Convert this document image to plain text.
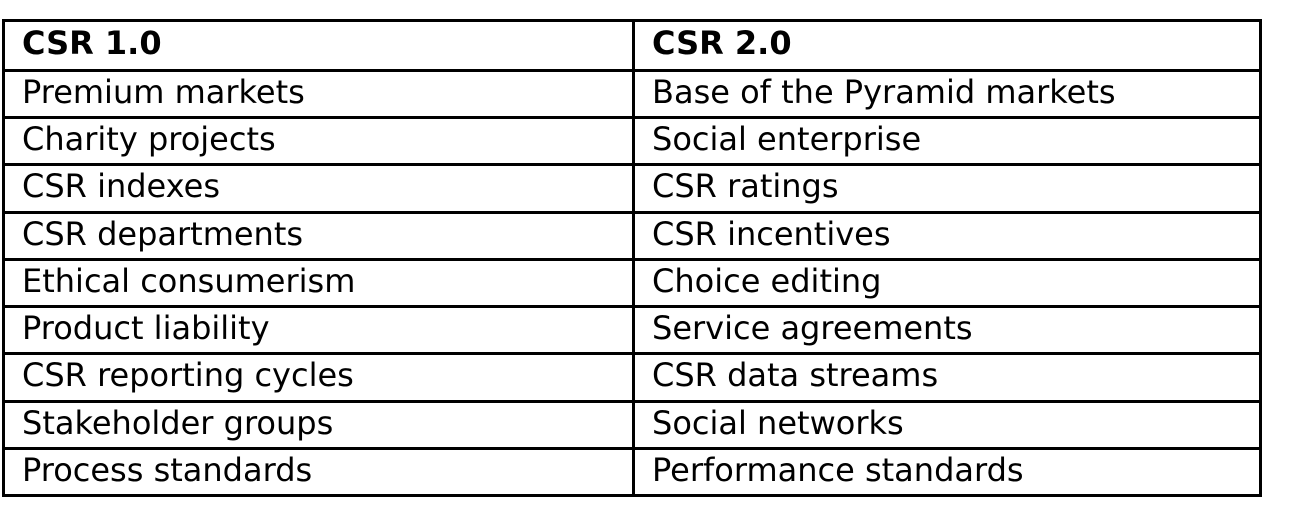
CSR 1.0	CSR 2.0
Premium markets	Base of the Pyramid markets
Charity projects	Social enterprise
CSR indexes	CSR ratings
CSR departments	CSR incentives
Ethical consumerism	Choice editing
Product liability	Service agreements
CSR reporting cycles	CSR data streams
Stakeholder groups	Social networks
Process standards	Performance standards
